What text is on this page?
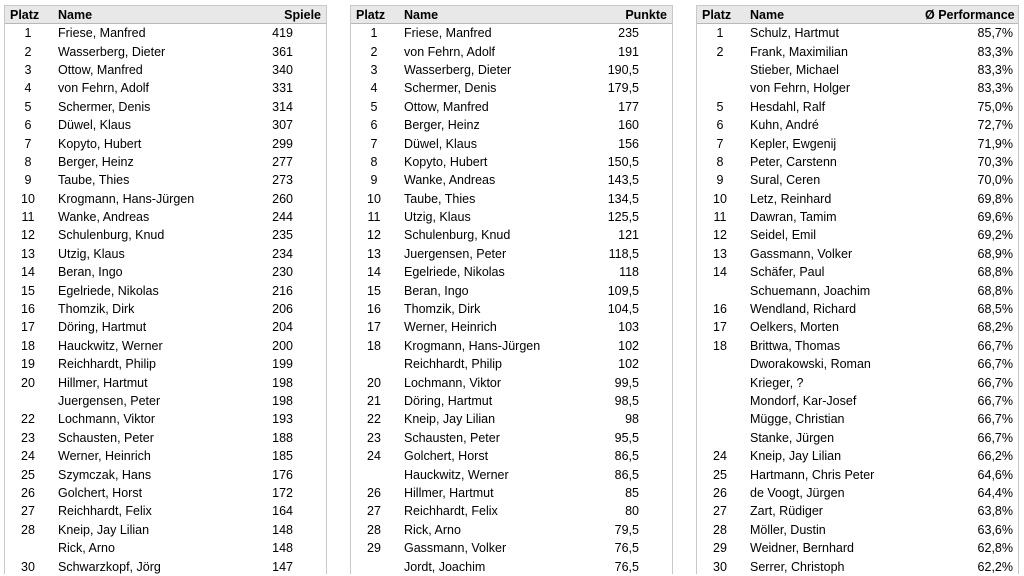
Platz	Name	Spiele
1	Friese, Manfred	419
2	Wasserberg, Dieter	361
3	Ottow, Manfred	340
4	von Fehrn, Adolf	331
5	Schermer, Denis	314
6	Düwel, Klaus	307
7	Kopyto, Hubert	299
8	Berger, Heinz	277
9	Taube, Thies	273
10	Krogmann, Hans-Jürgen	260
11	Wanke, Andreas	244
12	Schulenburg, Knud	235
13	Utzig, Klaus	234
14	Beran, Ingo	230
15	Egelriede, Nikolas	216
16	Thomzik, Dirk	206
17	Döring, Hartmut	204
18	Hauckwitz, Werner	200
19	Reichhardt, Philip	199
20	Hillmer, Hartmut	198
	Juergensen, Peter	198
22	Lochmann, Viktor	193
23	Schausten, Peter	188
24	Werner, Heinrich	185
25	Szymczak, Hans	176
26	Golchert, Horst	172
27	Reichhardt, Felix	164
28	Kneip, Jay Lilian	148
	Rick, Arno	148
30	Schwarzkopf, Jörg	147
Platz	Name	Punkte
1	Friese, Manfred	235
2	von Fehrn, Adolf	191
3	Wasserberg, Dieter	190,5
4	Schermer, Denis	179,5
5	Ottow, Manfred	177
6	Berger, Heinz	160
7	Düwel, Klaus	156
8	Kopyto, Hubert	150,5
9	Wanke, Andreas	143,5
10	Taube, Thies	134,5
11	Utzig, Klaus	125,5
12	Schulenburg, Knud	121
13	Juergensen, Peter	118,5
14	Egelriede, Nikolas	118
15	Beran, Ingo	109,5
16	Thomzik, Dirk	104,5
17	Werner, Heinrich	103
18	Krogmann, Hans-Jürgen	102
	Reichhardt, Philip	102
20	Lochmann, Viktor	99,5
21	Döring, Hartmut	98,5
22	Kneip, Jay Lilian	98
23	Schausten, Peter	95,5
24	Golchert, Horst	86,5
	Hauckwitz, Werner	86,5
26	Hillmer, Hartmut	85
27	Reichhardt, Felix	80
28	Rick, Arno	79,5
29	Gassmann, Volker	76,5
	Jordt, Joachim	76,5
Platz	Name	Ø Performance
1	Schulz, Hartmut	85,7%
2	Frank, Maximilian	83,3%
	Stieber, Michael	83,3%
	von Fehrn, Holger	83,3%
5	Hesdahl, Ralf	75,0%
6	Kuhn, André	72,7%
7	Kepler, Ewgenij	71,9%
8	Peter, Carstenn	70,3%
9	Sural, Ceren	70,0%
10	Letz, Reinhard	69,8%
11	Dawran, Tamim	69,6%
12	Seidel, Emil	69,2%
13	Gassmann, Volker	68,9%
14	Schäfer, Paul	68,8%
	Schuemann, Joachim	68,8%
16	Wendland, Richard	68,5%
17	Oelkers, Morten	68,2%
18	Brittwa, Thomas	66,7%
	Dworakowski, Roman	66,7%
	Krieger, ?	66,7%
	Mondorf, Kar-Josef	66,7%
	Mügge, Christian	66,7%
	Stanke, Jürgen	66,7%
24	Kneip, Jay Lilian	66,2%
25	Hartmann, Chris Peter	64,6%
26	de Voogt, Jürgen	64,4%
27	Zart, Rüdiger	63,8%
28	Möller, Dustin	63,6%
29	Weidner, Bernhard	62,8%
30	Serrer, Christoph	62,2%
